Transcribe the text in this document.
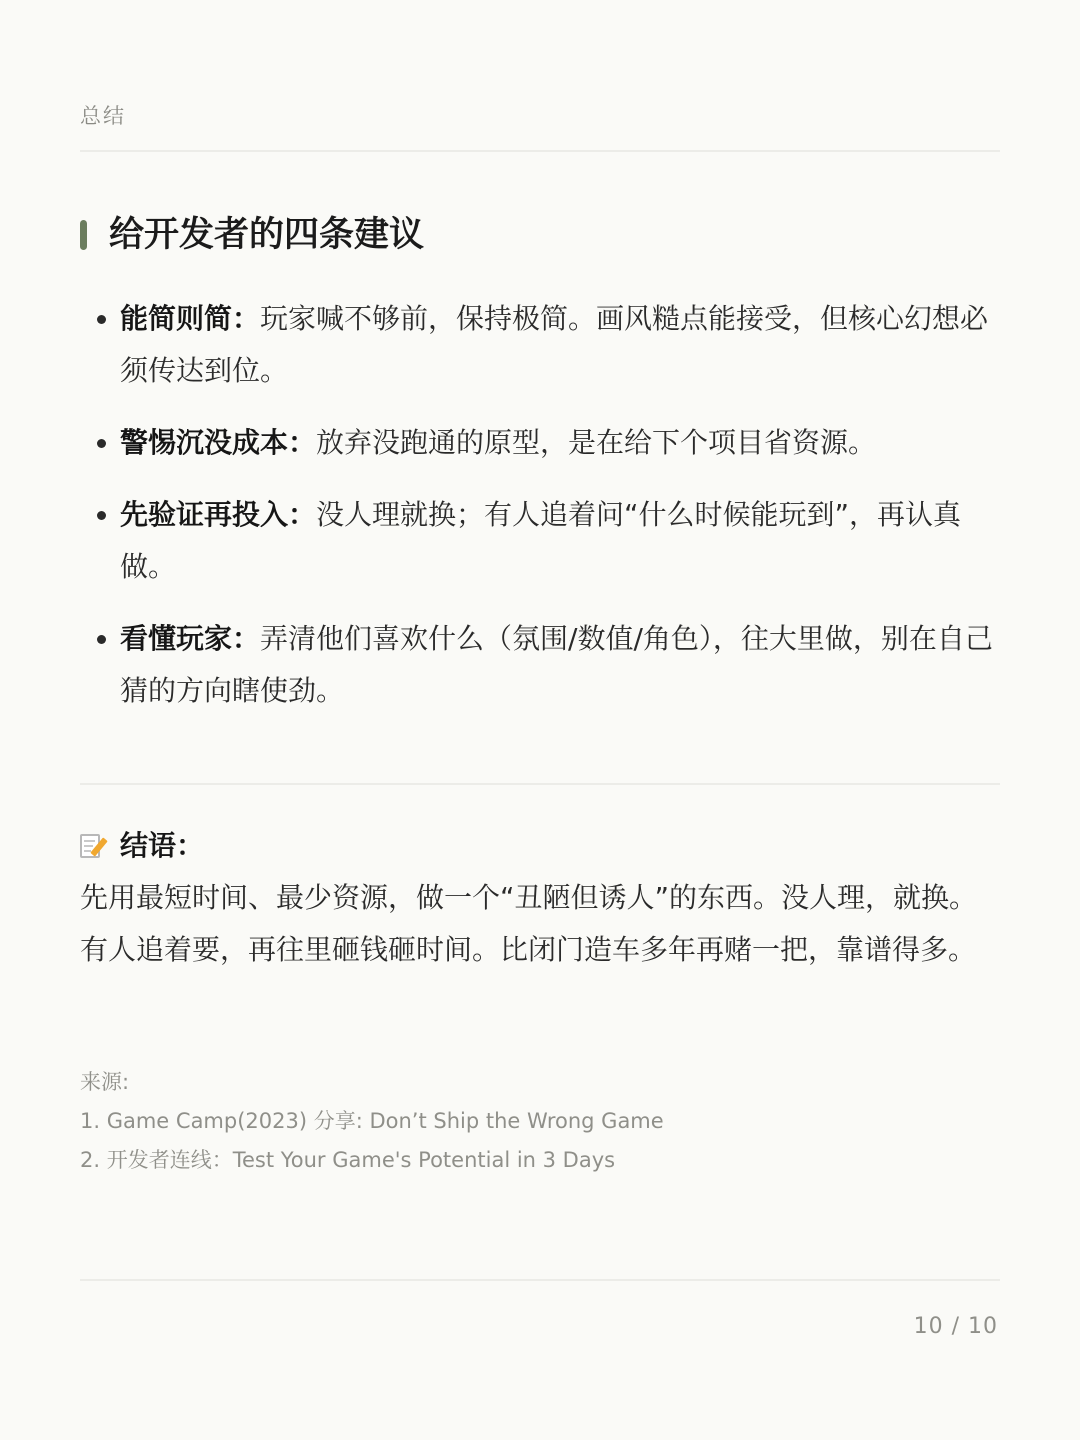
总结
给开发者的四条建议
能简则简：玩家喊不够前，保持极简。画风糙点能接受，但核心幻想必须传达到位。
警惕沉没成本：放弃没跑通的原型，是在给下个项目省资源。
先验证再投入：没人理就换；有人追着问“什么时候能玩到”，再认真做。
看懂玩家：弄清他们喜欢什么（氛围/数值/角色），往大里做，别在自己猜的方向瞎使劲。
结语：
先用最短时间、最少资源，做一个“丑陋但诱人”的东西。没人理，就换。有人追着要，再往里砸钱砸时间。比闭门造车多年再赌一把，靠谱得多。
来源:
1. Game Camp(2023) 分享: Don’t Ship the Wrong Game
2. 开发者连线：Test Your Game's Potential in 3 Days
10 / 10
